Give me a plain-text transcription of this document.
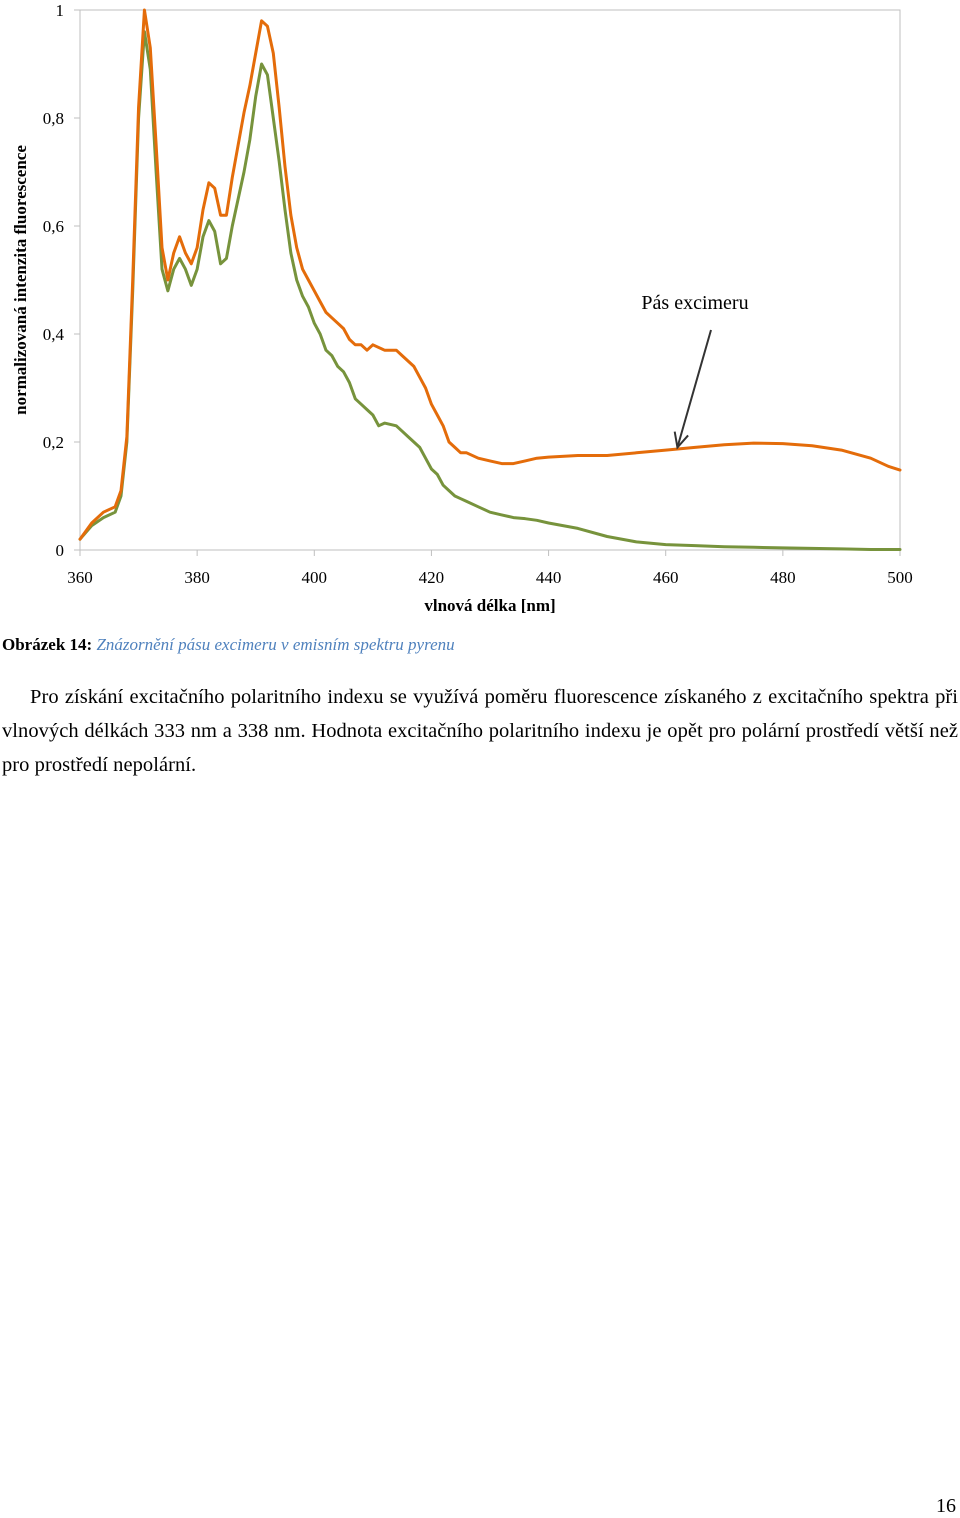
0
0,2
0,4
0,6
0,8
1
360	380	400	420	440	460	480	500
normalizovaná intenzita fluorescence
vlnová délka [nm]
Pás excimeru
Obrázek 14: Znázornění pásu excimeru v emisním spektru pyrenu
Pro získání excitačního polaritního indexu se využívá poměru fluorescence získaného z excitačního spektra při vlnových délkách 333 nm a 338 nm. Hodnota excitačního polaritního indexu je opět pro polární prostředí větší než pro prostředí nepolární.
16
